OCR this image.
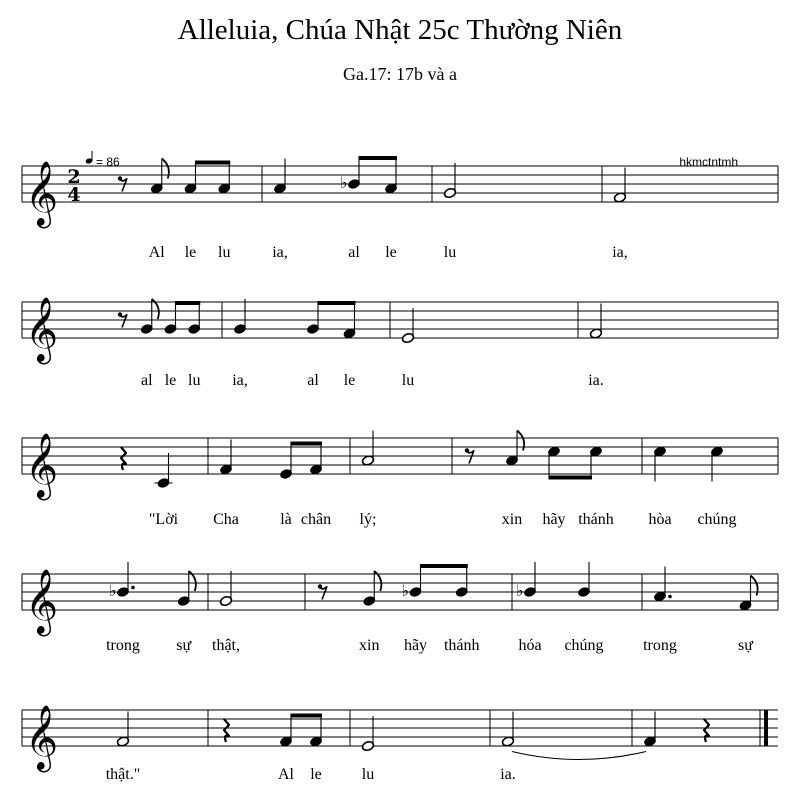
Alleluia, Chúa Nhật 25c Thường Niên
Ga.17: 17b và a
= 86	hkmctntmh
𝄞 2
4
Al le lu	ia,
♭
al le	lu	ia,
𝄞
al le lu ia,	al le	lu	ia.
𝄞
"Lời Cha	là chân lý;	xin hãy thánh hòa chúng
𝄞	♭
trong sự thật,	xin
♭
hãy thánh
♭
hóa chúng trong	sự
𝄞
thật."	Al le	lu	ia.
